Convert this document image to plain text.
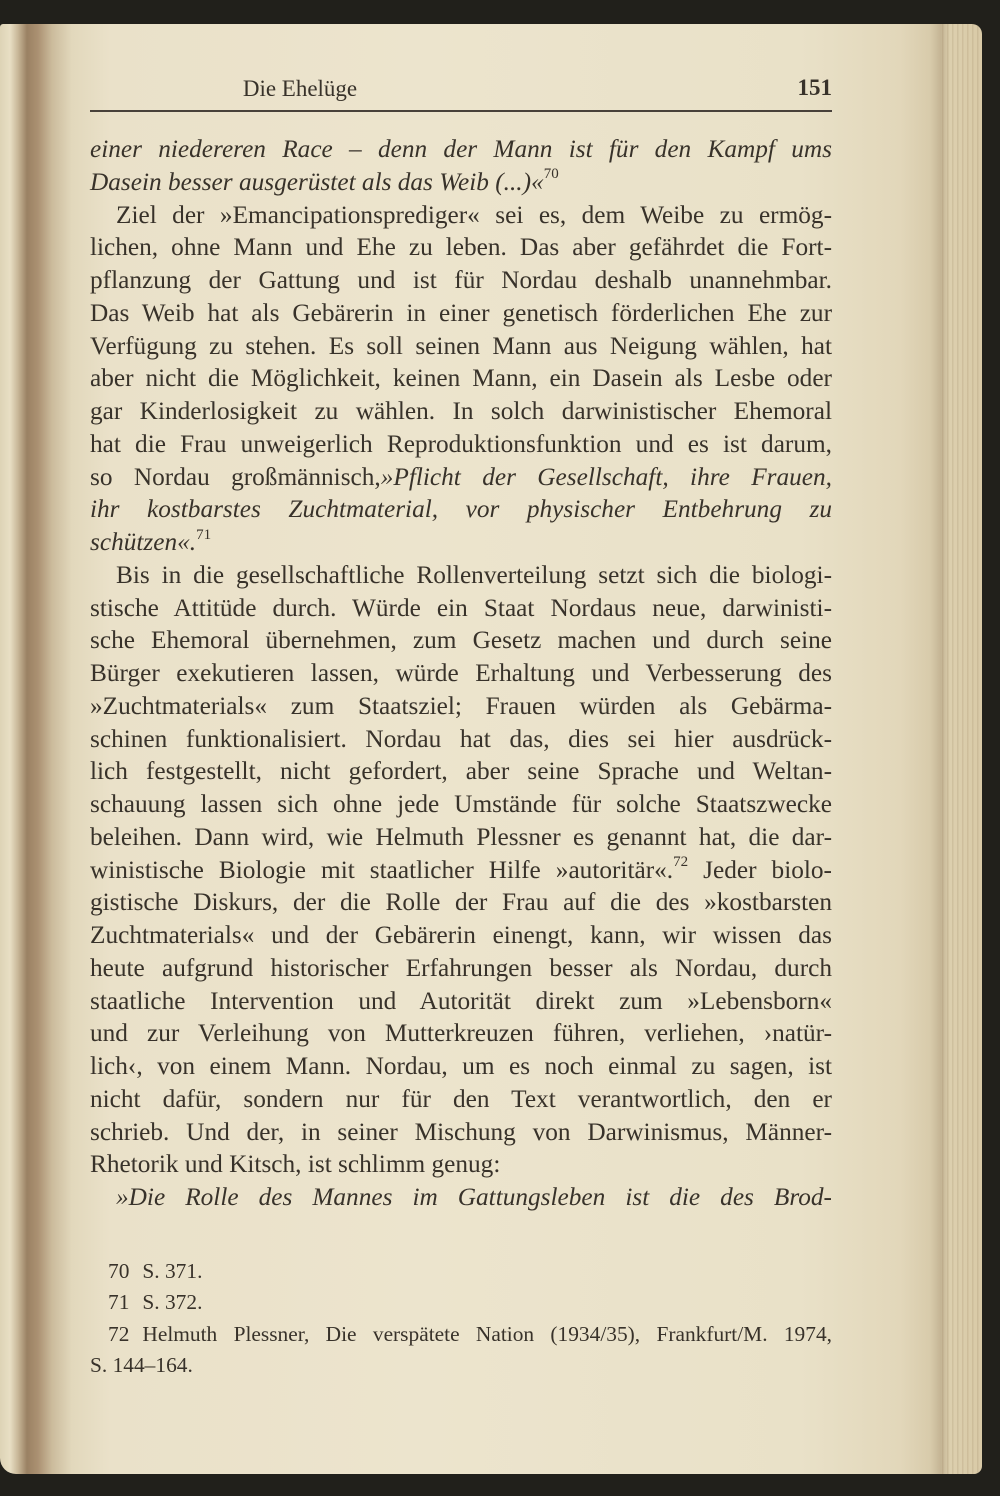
Die Ehelüge	151
einer niedereren Race – denn der Mann ist für den Kampf ums
Dasein besser ausgerüstet als das Weib (...)«$^{70}$
Ziel der »Emancipationsprediger« sei es, dem Weibe zu ermög-
lichen, ohne Mann und Ehe zu leben. Das aber gefährdet die Fort-
pflanzung der Gattung und ist für Nordau deshalb unannehmbar.
Das Weib hat als Gebärerin in einer genetisch förderlichen Ehe zur
Verfügung zu stehen. Es soll seinen Mann aus Neigung wählen, hat
aber nicht die Möglichkeit, keinen Mann, ein Dasein als Lesbe oder
gar Kinderlosigkeit zu wählen. In solch darwinistischer Ehemoral
hat die Frau unweigerlich Reproduktionsfunktion und es ist darum,
so Nordau großmännisch,»Pflicht der Gesellschaft, ihre Frauen,
ihr kostbarstes Zuchtmaterial, vor physischer Entbehrung zu
schützen«.$^{71}$
Bis in die gesellschaftliche Rollenverteilung setzt sich die biologi-
stische Attitüde durch. Würde ein Staat Nordaus neue, darwinisti-
sche Ehemoral übernehmen, zum Gesetz machen und durch seine
Bürger exekutieren lassen, würde Erhaltung und Verbesserung des
»Zuchtmaterials« zum Staatsziel; Frauen würden als Gebärma-
schinen funktionalisiert. Nordau hat das, dies sei hier ausdrück-
lich festgestellt, nicht gefordert, aber seine Sprache und Weltan-
schauung lassen sich ohne jede Umstände für solche Staatszwecke
beleihen. Dann wird, wie Helmuth Plessner es genannt hat, die dar-
winistische Biologie mit staatlicher Hilfe »autoritär«.$^{72}$ Jeder biolo-
gistische Diskurs, der die Rolle der Frau auf die des »kostbarsten
Zuchtmaterials« und der Gebärerin einengt, kann, wir wissen das
heute aufgrund historischer Erfahrungen besser als Nordau, durch
staatliche Intervention und Autorität direkt zum »Lebensborn«
und zur Verleihung von Mutterkreuzen führen, verliehen, ›natür-
lich‹, von einem Mann. Nordau, um es noch einmal zu sagen, ist
nicht dafür, sondern nur für den Text verantwortlich, den er
schrieb. Und der, in seiner Mischung von Darwinismus, Männer-
Rhetorik und Kitsch, ist schlimm genug:
»Die Rolle des Mannes im Gattungsleben ist die des Brod-
70 S. 371.
71 S. 372.
72 Helmuth Plessner, Die verspätete Nation (1934/35), Frankfurt/M. 1974,
S. 144–164.
